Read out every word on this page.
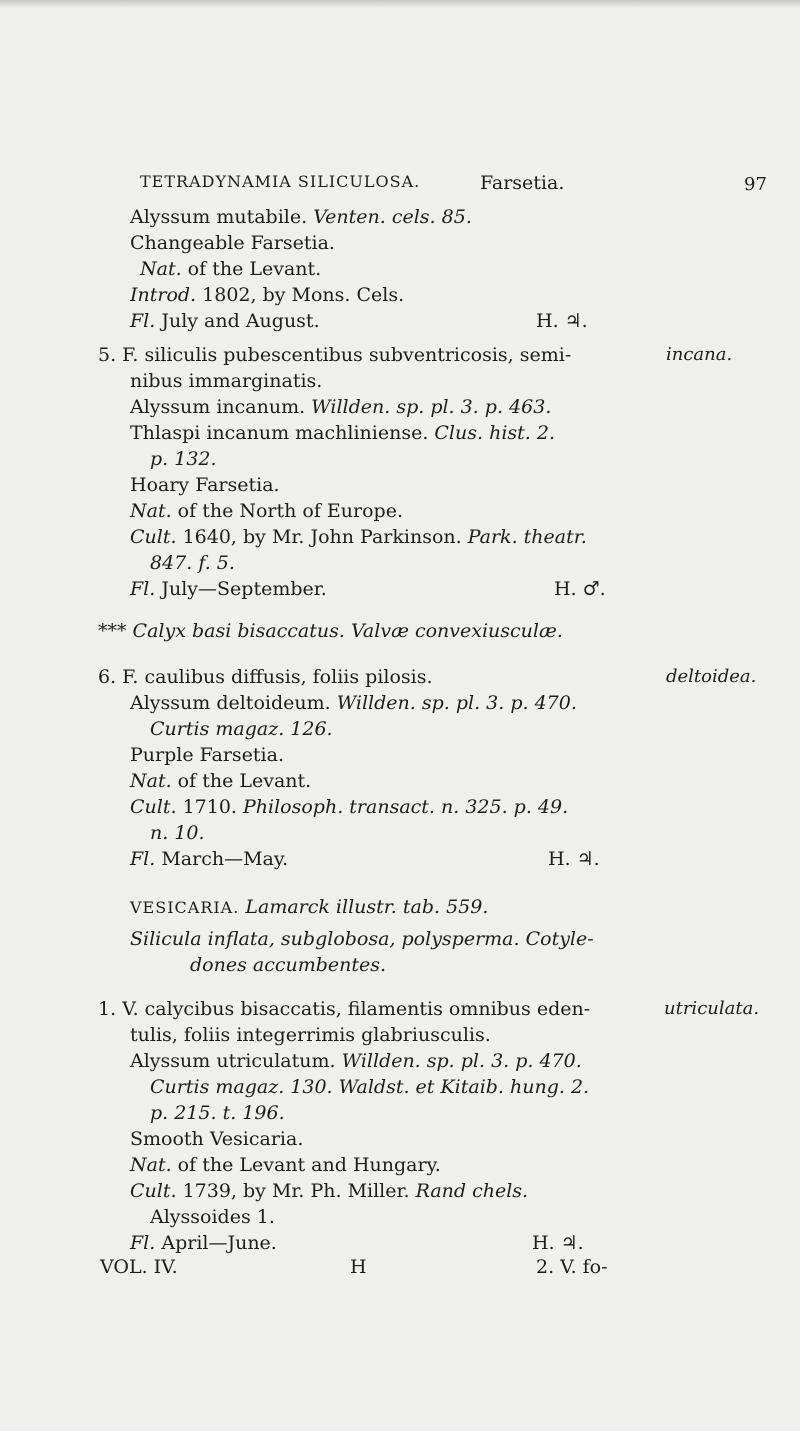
TETRADYNAMIA SILICULOSA.	Farsetia.	97
Alyssum mutabile. Venten. cels. 85.
Changeable Farsetia.
Nat. of the Levant.
Introd. 1802, by Mons. Cels.
Fl. July and August.	H. ♃.
5. F. siliculis pubescentibus subventricosis, semi-	incana.
nibus immarginatis.
Alyssum incanum. Willden. sp. pl. 3. p. 463.
Thlaspi incanum machliniense. Clus. hist. 2.
p. 132.
Hoary Farsetia.
Nat. of the North of Europe.
Cult. 1640, by Mr. John Parkinson. Park. theatr.
847. f. 5.
Fl. July—September.	H. ♂.
*** Calyx basi bisaccatus. Valvæ convexiusculæ.
6. F. caulibus diffusis, foliis pilosis.	deltoidea.
Alyssum deltoideum. Willden. sp. pl. 3. p. 470.
Curtis magaz. 126.
Purple Farsetia.
Nat. of the Levant.
Cult. 1710. Philosoph. transact. n. 325. p. 49.
n. 10.
Fl. March—May.	H. ♃.
VESICARIA. Lamarck illustr. tab. 559.
Silicula inflata, subglobosa, polysperma. Cotyle-
dones accumbentes.
1. V. calycibus bisaccatis, filamentis omnibus eden-	utriculata.
tulis, foliis integerrimis glabriusculis.
Alyssum utriculatum. Willden. sp. pl. 3. p. 470.
Curtis magaz. 130. Waldst. et Kitaib. hung. 2.
p. 215. t. 196.
Smooth Vesicaria.
Nat. of the Levant and Hungary.
Cult. 1739, by Mr. Ph. Miller. Rand chels.
Alyssoides 1.
Fl. April—June.	H. ♃.
VOL. IV.	H	2. V. fo-
